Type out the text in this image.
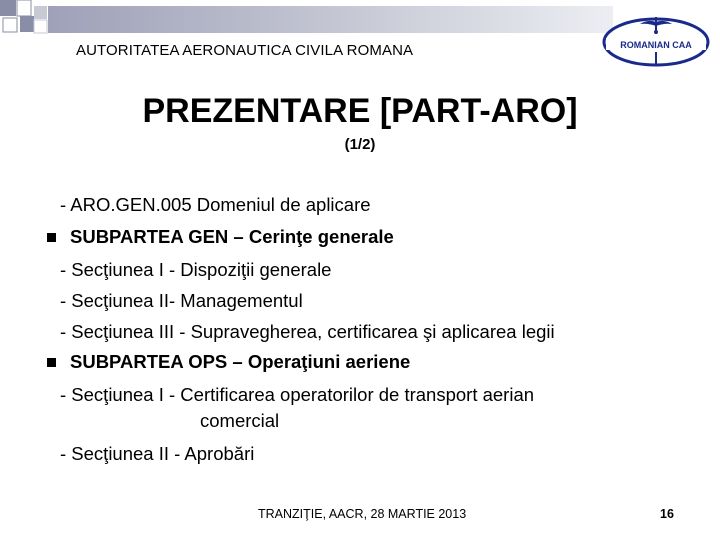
AUTORITATEA AERONAUTICA CIVILA ROMANA	ROMANIAN CAA
PREZENTARE [PART-ARO]
(1/2)
- ARO.GEN.005 Domeniul de aplicare
SUBPARTEA GEN – Cerinţe generale
- Secţiunea I - Dispoziţii generale
- Secţiunea II- Managementul
- Secţiunea III - Supravegherea, certificarea şi aplicarea legii
SUBPARTEA OPS – Operaţiuni aeriene
- Secţiunea I - Certificarea operatorilor de transport aerian
comercial
- Secţiunea II - Aprobări
TRANZIŢIE, AACR, 28 MARTIE 2013	16
